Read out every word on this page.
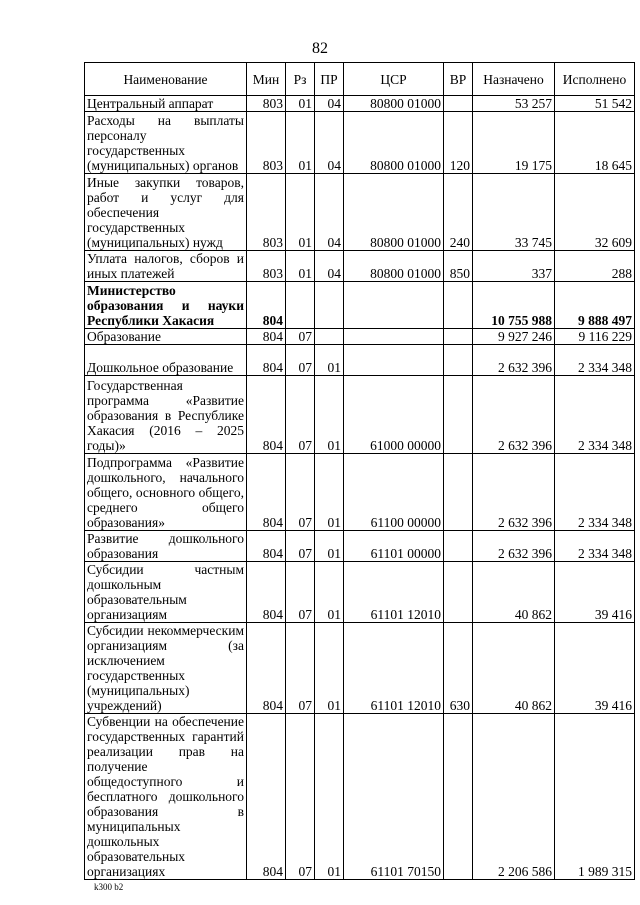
82
Наименование	Мин	Рз	ПР	ЦСР	ВР	Назначено	Исполнено
Центральный аппарат	803	01	04	80800 01000		53 257	51 542
Расходы на выплаты персоналу государственных (муниципальных) органов	803	01	04	80800 01000	120	19 175	18 645
Иные закупки товаров, работ и услуг для обеспечения государственных (муниципальных) нужд	803	01	04	80800 01000	240	33 745	32 609
Уплата налогов, сборов и иных платежей	803	01	04	80800 01000	850	337	288
Министерство образования и науки Республики Хакасия	804					10 755 988	9 888 497
Образование	804	07				9 927 246	9 116 229
Дошкольное образование	804	07	01			2 632 396	2 334 348
Государственная программа «Развитие образования в Республике Хакасия (2016 – 2025 годы)»	804	07	01	61000 00000		2 632 396	2 334 348
Подпрограмма «Развитие дошкольного, начального общего, основного общего, среднего общего образования»	804	07	01	61100 00000		2 632 396	2 334 348
Развитие дошкольного образования	804	07	01	61101 00000		2 632 396	2 334 348
Субсидии частным дошкольным образовательным организациям	804	07	01	61101 12010		40 862	39 416
Субсидии некоммерческим организациям (за исключением государственных (муниципальных) учреждений)	804	07	01	61101 12010	630	40 862	39 416
Субвенции на обеспечение государственных гарантий реализации прав на получение общедоступного и бесплатного дошкольного образования в муниципальных дошкольных образовательных организациях	804	07	01	61101 70150		2 206 586	1 989 315
k300 b2
